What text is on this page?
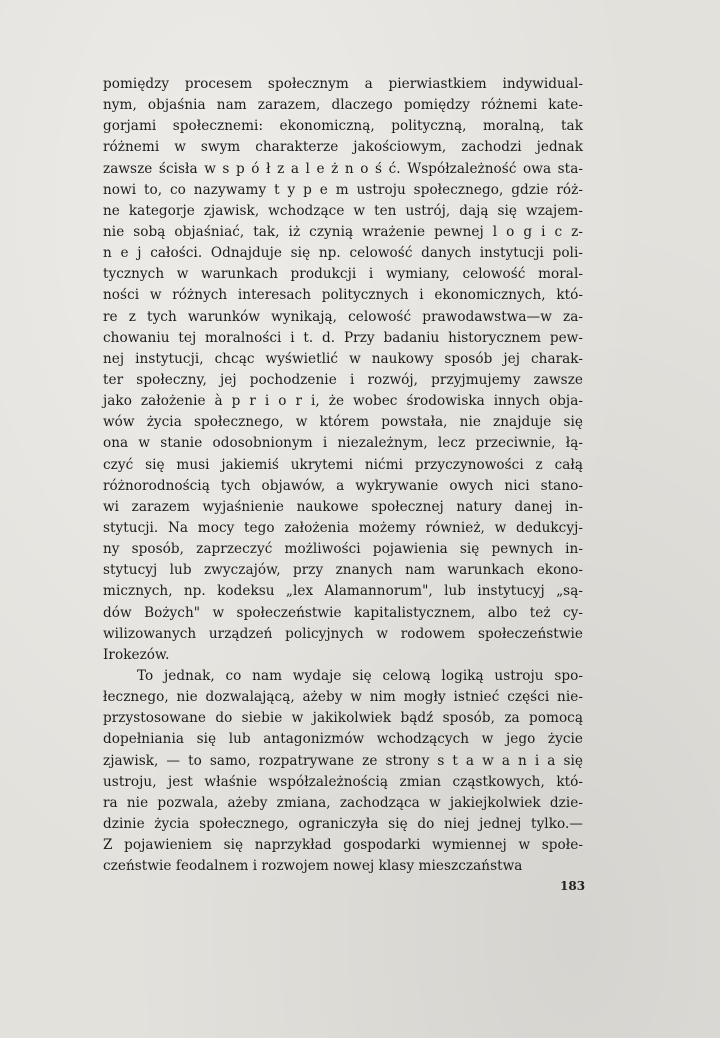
pomiędzy procesem społecznym a pierwiastkiem indywidual-
nym, objaśnia nam zarazem, dlaczego pomiędzy różnemi kate-
gorjami społecznemi: ekonomiczną, polityczną, moralną, tak
różnemi w swym charakterze jakościowym, zachodzi jednak
zawsze ścisła w s p ó ł z a l e ż n o ś ć. Współzależność owa sta-
nowi to, co nazywamy t y p e m ustroju społecznego, gdzie róż-
ne kategorje zjawisk, wchodzące w ten ustrój, dają się wzajem-
nie sobą objaśniać, tak, iż czynią wrażenie pewnej l o g i c z-
n e j całości. Odnajduje się np. celowość danych instytucji poli-
tycznych w warunkach produkcji i wymiany, celowość moral-
ności w różnych interesach politycznych i ekonomicznych, któ-
re z tych warunków wynikają, celowość prawodawstwa—w za-
chowaniu tej moralności i t. d. Przy badaniu historycznem pew-
nej instytucji, chcąc wyświetlić w naukowy sposób jej charak-
ter społeczny, jej pochodzenie i rozwój, przyjmujemy zawsze
jako założenie à p r i o r i, że wobec środowiska innych obja-
wów życia społecznego, w którem powstała, nie znajduje się
ona w stanie odosobnionym i niezależnym, lecz przeciwnie, łą-
czyć się musi jakiemiś ukrytemi nićmi przyczynowości z całą
różnorodnością tych objawów, a wykrywanie owych nici stano-
wi zarazem wyjaśnienie naukowe społecznej natury danej in-
stytucji. Na mocy tego założenia możemy również, w dedukcyj-
ny sposób, zaprzeczyć możliwości pojawienia się pewnych in-
stytucyj lub zwyczajów, przy znanych nam warunkach ekono-
micznych, np. kodeksu „lex Alamannorum", lub instytucyj „są-
dów Bożych" w społeczeństwie kapitalistycznem, albo też cy-
wilizowanych urządzeń policyjnych w rodowem społeczeństwie
Irokezów.
To jednak, co nam wydaje się celową logiką ustroju spo-
łecznego, nie dozwalającą, ażeby w nim mogły istnieć części nie-
przystosowane do siebie w jakikolwiek bądź sposób, za pomocą
dopełniania się lub antagonizmów wchodzących w jego życie
zjawisk, — to samo, rozpatrywane ze strony s t a w a n i a się
ustroju, jest właśnie współzależnością zmian cząstkowych, któ-
ra nie pozwala, ażeby zmiana, zachodząca w jakiejkolwiek dzie-
dzinie życia społecznego, ograniczyła się do niej jednej tylko.—
Z pojawieniem się naprzykład gospodarki wymiennej w społe-
czeństwie feodalnem i rozwojem nowej klasy mieszczaństwa
183
